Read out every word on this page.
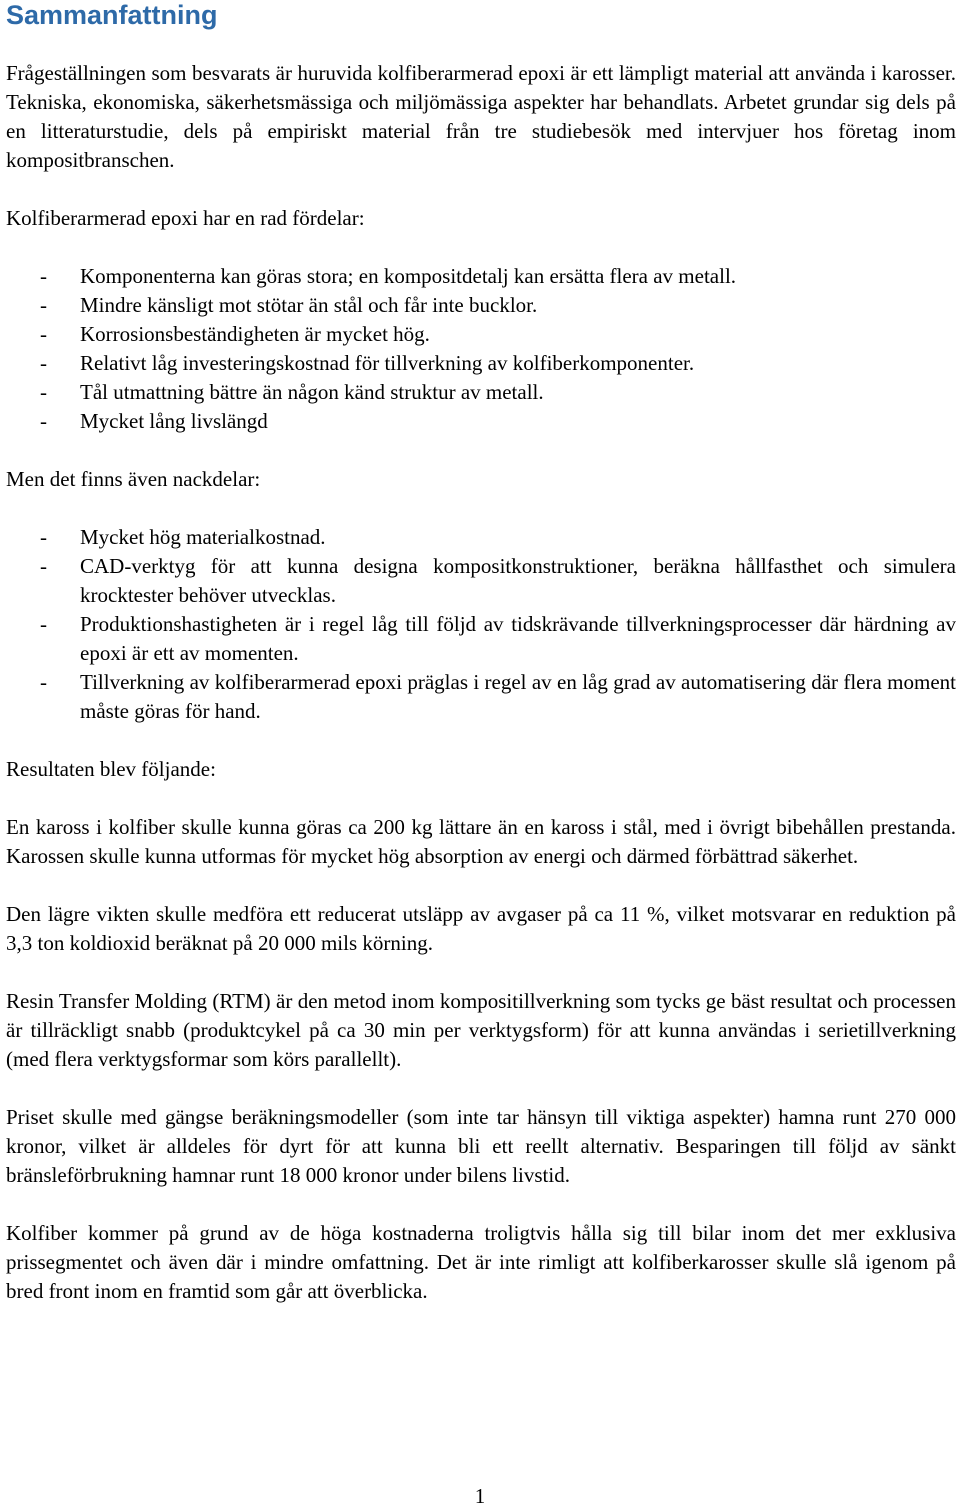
Sammanfattning

Frågeställningen som besvarats är huruvida kolfiberarmerad epoxi är ett lämpligt material att använda i karosser. Tekniska, ekonomiska, säkerhetsmässiga och miljömässiga aspekter har behandlats. Arbetet grundar sig dels på en litteraturstudie, dels på empiriskt material från tre studiebesök med intervjuer hos företag inom kompositbranschen.

Kolfiberarmerad epoxi har en rad fördelar:

- Komponenterna kan göras stora; en kompositdetalj kan ersätta flera av metall.
- Mindre känsligt mot stötar än stål och får inte bucklor.
- Korrosionsbeständigheten är mycket hög.
- Relativt låg investeringskostnad för tillverkning av kolfiberkomponenter.
- Tål utmattning bättre än någon känd struktur av metall.
- Mycket lång livslängd

Men det finns även nackdelar:

- Mycket hög materialkostnad.
- CAD-verktyg för att kunna designa kompositkonstruktioner, beräkna hållfasthet och simulera krocktester behöver utvecklas.
- Produktionshastigheten är i regel låg till följd av tidskrävande tillverkningsprocesser där härdning av epoxi är ett av momenten.
- Tillverkning av kolfiberarmerad epoxi präglas i regel av en låg grad av automatisering där flera moment måste göras för hand.

Resultaten blev följande:

En kaross i kolfiber skulle kunna göras ca 200 kg lättare än en kaross i stål, med i övrigt bibehållen prestanda. Karossen skulle kunna utformas för mycket hög absorption av energi och därmed förbättrad säkerhet.

Den lägre vikten skulle medföra ett reducerat utsläpp av avgaser på ca 11 %, vilket motsvarar en reduktion på 3,3 ton koldioxid beräknat på 20 000 mils körning.

Resin Transfer Molding (RTM) är den metod inom kompositillverkning som tycks ge bäst resultat och processen är tillräckligt snabb (produktcykel på ca 30 min per verktygsform) för att kunna användas i serietillverkning (med flera verktygsformar som körs parallellt).

Priset skulle med gängse beräkningsmodeller (som inte tar hänsyn till viktiga aspekter) hamna runt 270 000 kronor, vilket är alldeles för dyrt för att kunna bli ett reellt alternativ. Besparingen till följd av sänkt bränsleförbrukning hamnar runt 18 000 kronor under bilens livstid.

Kolfiber kommer på grund av de höga kostnaderna troligtvis hålla sig till bilar inom det mer exklusiva prissegmentet och även där i mindre omfattning. Det är inte rimligt att kolfiberkarosser skulle slå igenom på bred front inom en framtid som går att överblicka.

1
